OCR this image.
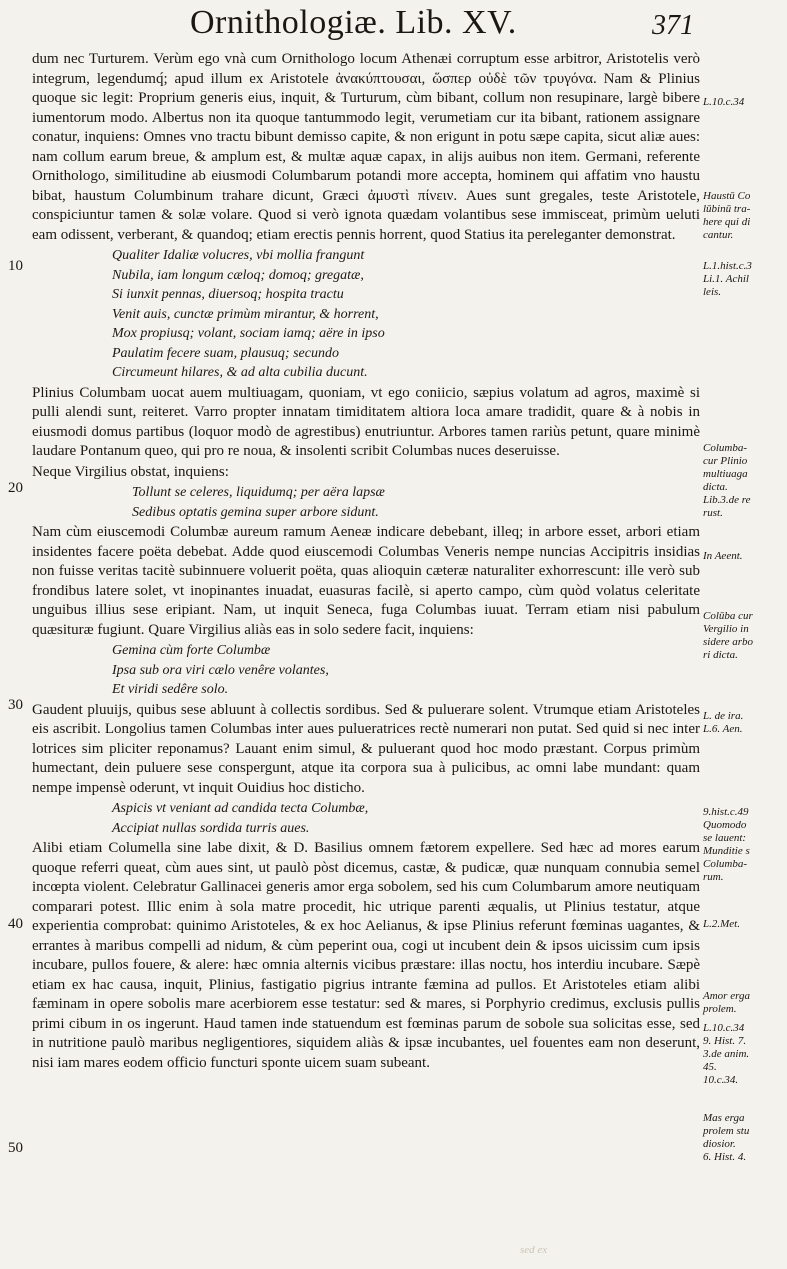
Ornithologiæ. Lib. XV.	371
10
20
30
40
50

dum nec Turturem. Verùm ego vnà cum Ornithologo locum Athenæi corruptum esse arbitror, Aristotelis verò integrum, legendumq́; apud illum ex Aristotele ἀνακύπτουσαι, ὥσπερ οὐδὲ τῶν τρυγόνα. Nam & Plinius quoque sic legit: Proprium generis eius, inquit, & Turturum, cùm bibant, collum non resupinare, largè bibere iumentorum modo. Albertus non ita quoque tantummodo legit, verumetiam cur ita bibant, rationem assignare conatur, inquiens: Omnes vno tractu bibunt demisso capite, & non erigunt in potu sæpe capita, sicut aliæ aues: nam collum earum breue, & amplum est, & multæ aquæ capax, in alijs auibus non item. Germani, referente Ornithologo, similitudine ab eiusmodi Columbarum potandi more accepta, hominem qui affatim vno haustu bibat, haustum Columbinum trahare dicunt, Græci ἀμυστὶ πίνειν. Aues sunt gregales, teste Aristotele, conspiciuntur tamen & solæ volare. Quod si verò ignota quædam volantibus sese immisceat, primùm ueluti eam odissent, verberant, & quandoq; etiam erectis pennis horrent, quod Statius ita pereleganter demonstrat.

Qualiter Idaliæ volucres, vbi mollia frangunt
Nubila, iam longum cæloq; domoq; gregatæ,
Si iunxit pennas, diuersoq; hospita tractu
Venit auis, cunctæ primùm mirantur, & horrent,
Mox propiusq; volant, sociam iamq; aëre in ipso
Paulatim fecere suam, plausuq; secundo
Circumeunt hilares, & ad alta cubilia ducunt.

Plinius Columbam uocat auem multiuagam, quoniam, vt ego coniicio, sæpius volatum ad agros, maximè si pulli alendi sunt, reiteret. Varro propter innatam timiditatem altiora loca amare tradidit, quare & à nobis in eiusmodi domus partibus (loquor modò de agrestibus) enutriuntur. Arbores tamen rariùs petunt, quare minimè laudare Pontanum queo, qui pro re noua, & insolenti scribit Columbas nuces deseruisse.

Neque Virgilius obstat, inquiens:

Tollunt se celeres, liquidumq; per aëra lapsæ
Sedibus optatis gemina super arbore sidunt.

Nam cùm eiuscemodi Columbæ aureum ramum Aeneæ indicare debebant, illeq; in arbore esset, arbori etiam insidentes facere poëta debebat. Adde quod eiuscemodi Columbas Veneris nempe nuncias Accipitris insidias non fuisse veritas tacitè subinnuere voluerit poëta, quas alioquin cæteræ naturaliter exhorrescunt: ille verò sub frondibus latere solet, vt inopinantes inuadat, euasuras facilè, si aperto campo, cùm quòd volatus celeritate unguibus illius sese eripiant. Nam, ut inquit Seneca, fuga Columbas iuuat. Terram etiam nisi pabulum quæsituræ fugiunt. Quare Virgilius aliàs eas in solo sedere facit, inquiens:

Gemina cùm forte Columbæ
Ipsa sub ora viri cælo venêre volantes,
Et viridi sedêre solo.

Gaudent pluuijs, quibus sese abluunt à collectis sordibus. Sed & puluerare solent. Vtrumque etiam Aristoteles eis ascribit. Longolius tamen Columbas inter aues pulueratrices rectè numerari non putat. Sed quid si nec inter lotrices sim pliciter reponamus? Lauant enim simul, & puluerant quod hoc modo præstant. Corpus primùm humectant, dein puluere sese conspergunt, atque ita corpora sua à pulicibus, ac omni labe mundant: quam nempe impensè oderunt, vt inquit Ouidius hoc disticho.

Aspicis vt veniant ad candida tecta Columbæ,
Accipiat nullas sordida turris aues.

Alibi etiam Columella sine labe dixit, & D. Basilius omnem fætorem expellere. Sed hæc ad mores earum quoque referri queat, cùm aues sint, ut paulò pòst dicemus, castæ, & pudicæ, quæ nunquam connubia semel incœpta violent. Celebratur Gallinacei generis amor erga sobolem, sed his cum Columbarum amore neutiquam comparari potest. Illic enim à sola matre procedit, hic utrique parenti æqualis, ut Plinius testatur, atque experientia comprobat: quinimo Aristoteles, & ex hoc Aelianus, & ipse Plinius referunt fœminas uagantes, & errantes à maribus compelli ad nidum, & cùm peperint oua, cogi ut incubent dein & ipsos uicissim cum ipsis incubare, pullos fouere, & alere: hæc omnia alternis vicibus præstare: illas noctu, hos interdiu incubare. Sæpè etiam ex hac causa, inquit, Plinius, fastigatio pigrius intrante fæmina ad pullos. Et Aristoteles etiam alibi fæminam in opere sobolis mare acerbiorem esse testatur: sed & mares, si Porphyrio credimus, exclusis pullis primi cibum in os ingerunt. Haud tamen inde statuendum est fœminas parum de sobole sua solicitas esse, sed in nutritione paulò maribus negligentiores, siquidem aliàs & ipsæ incubantes, uel fouentes eam non deserunt, nisi iam mares eodem officio functuri sponte uicem suam subeant.

L.10.c.34
Haustū Co
lūbinū tra-
here qui di
cantur.
L.1.hist.c.3
Li.1. Achil
leis.
Columba-
cur Plinio
multiuaga
dicta.
Lib.3.de re
rust.
In Aeent.
Colūba cur
Vergilio in
sidere arbo
ri dicta.
L. de ira.
L.6. Aen.
9.hist.c.49
Quomodo
se lauent:
Munditie s
Columba-
rum.
L.2.Met.
Amor erga
prolem.
L.10.c.34
9. Hist. 7.
3.de anim.
45.
10.c.34.
Mas erga
prolem stu
diosior.
6. Hist. 4.
sed ex
